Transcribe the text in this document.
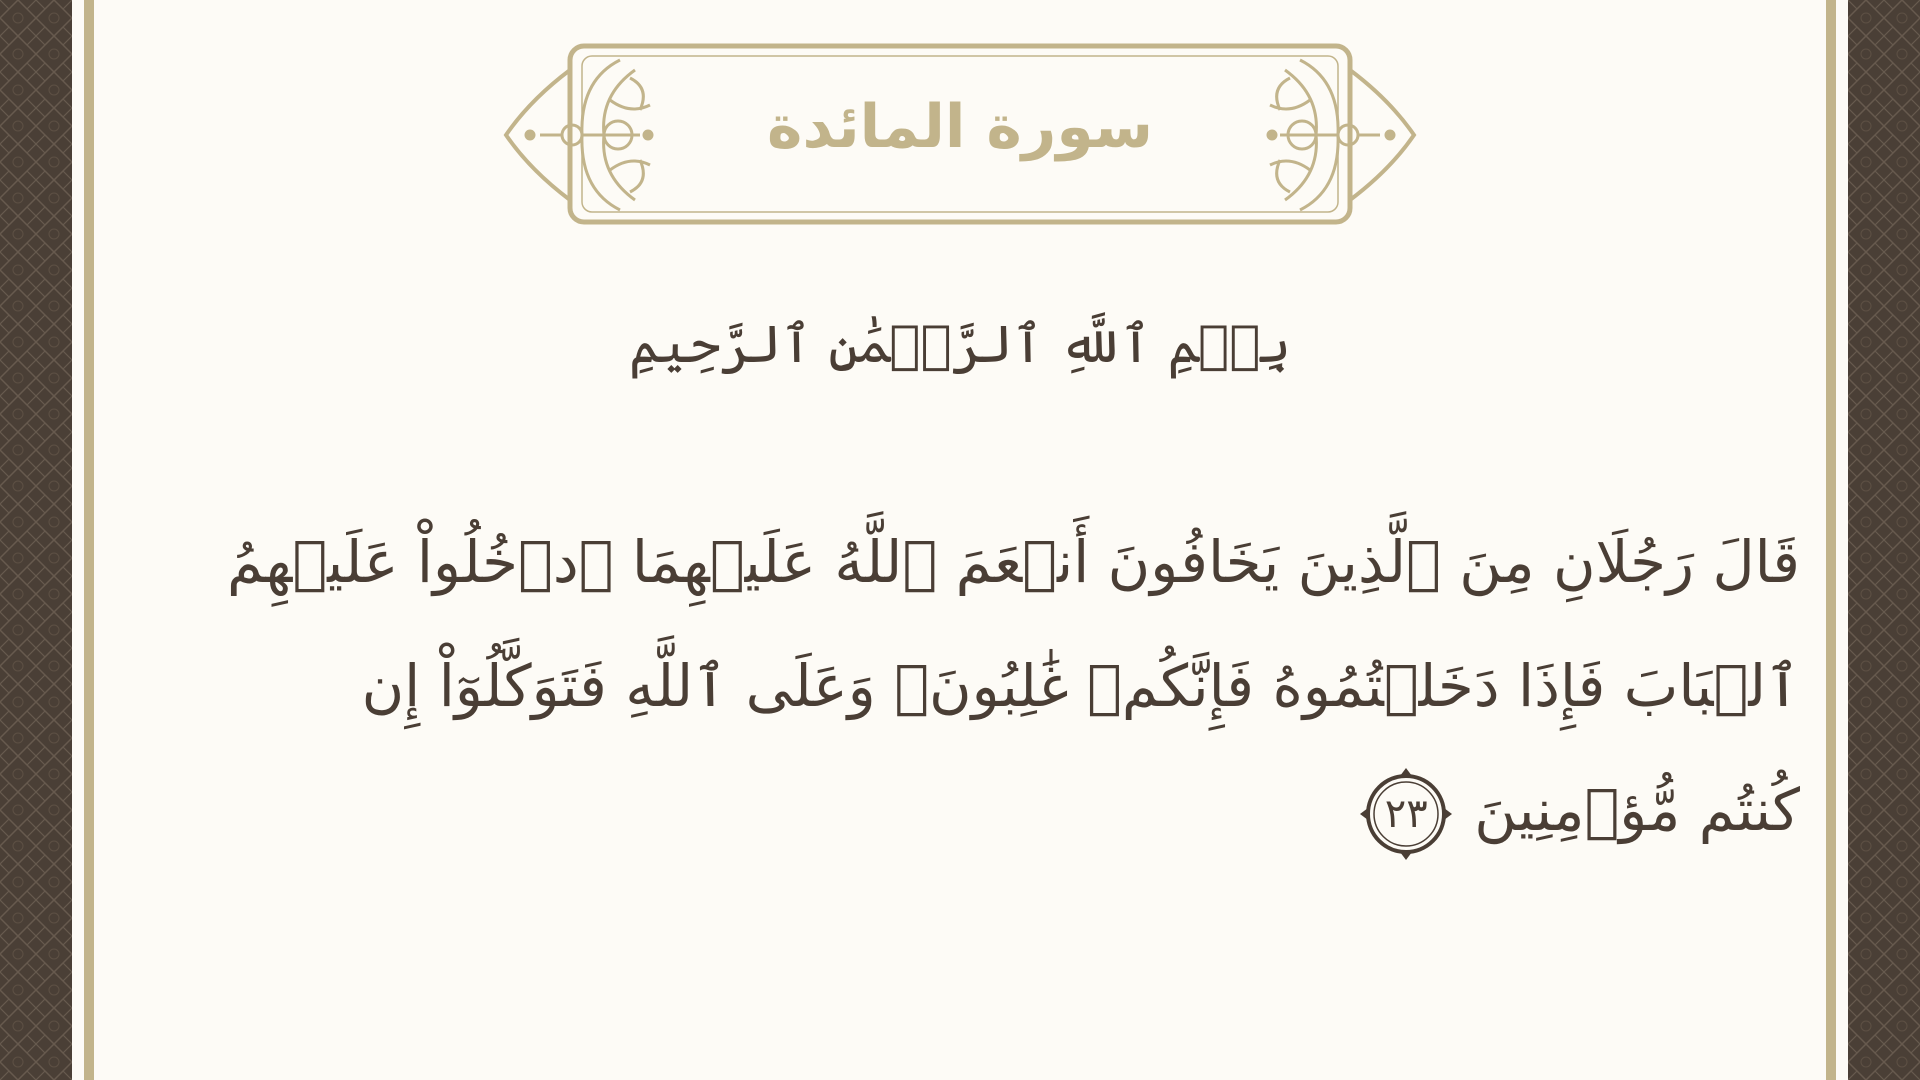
سورة المائدة
بِسۡمِ ٱللَّهِ ٱلرَّحۡمَٰنِ ٱلرَّحِيمِ
قَالَ رَجُلَانِ مِنَ ٱلَّذِينَ يَخَافُونَ أَنۡعَمَ ٱللَّهُ عَلَيۡهِمَا ٱدۡخُلُواْ عَلَيۡهِمُ
ٱلۡبَابَ فَإِذَا دَخَلۡتُمُوهُ فَإِنَّكُمۡ غَٰلِبُونَۚ وَعَلَى ٱللَّهِ فَتَوَكَّلُوٓاْ إِن
كُنتُم مُّؤۡمِنِينَ
٢٣
